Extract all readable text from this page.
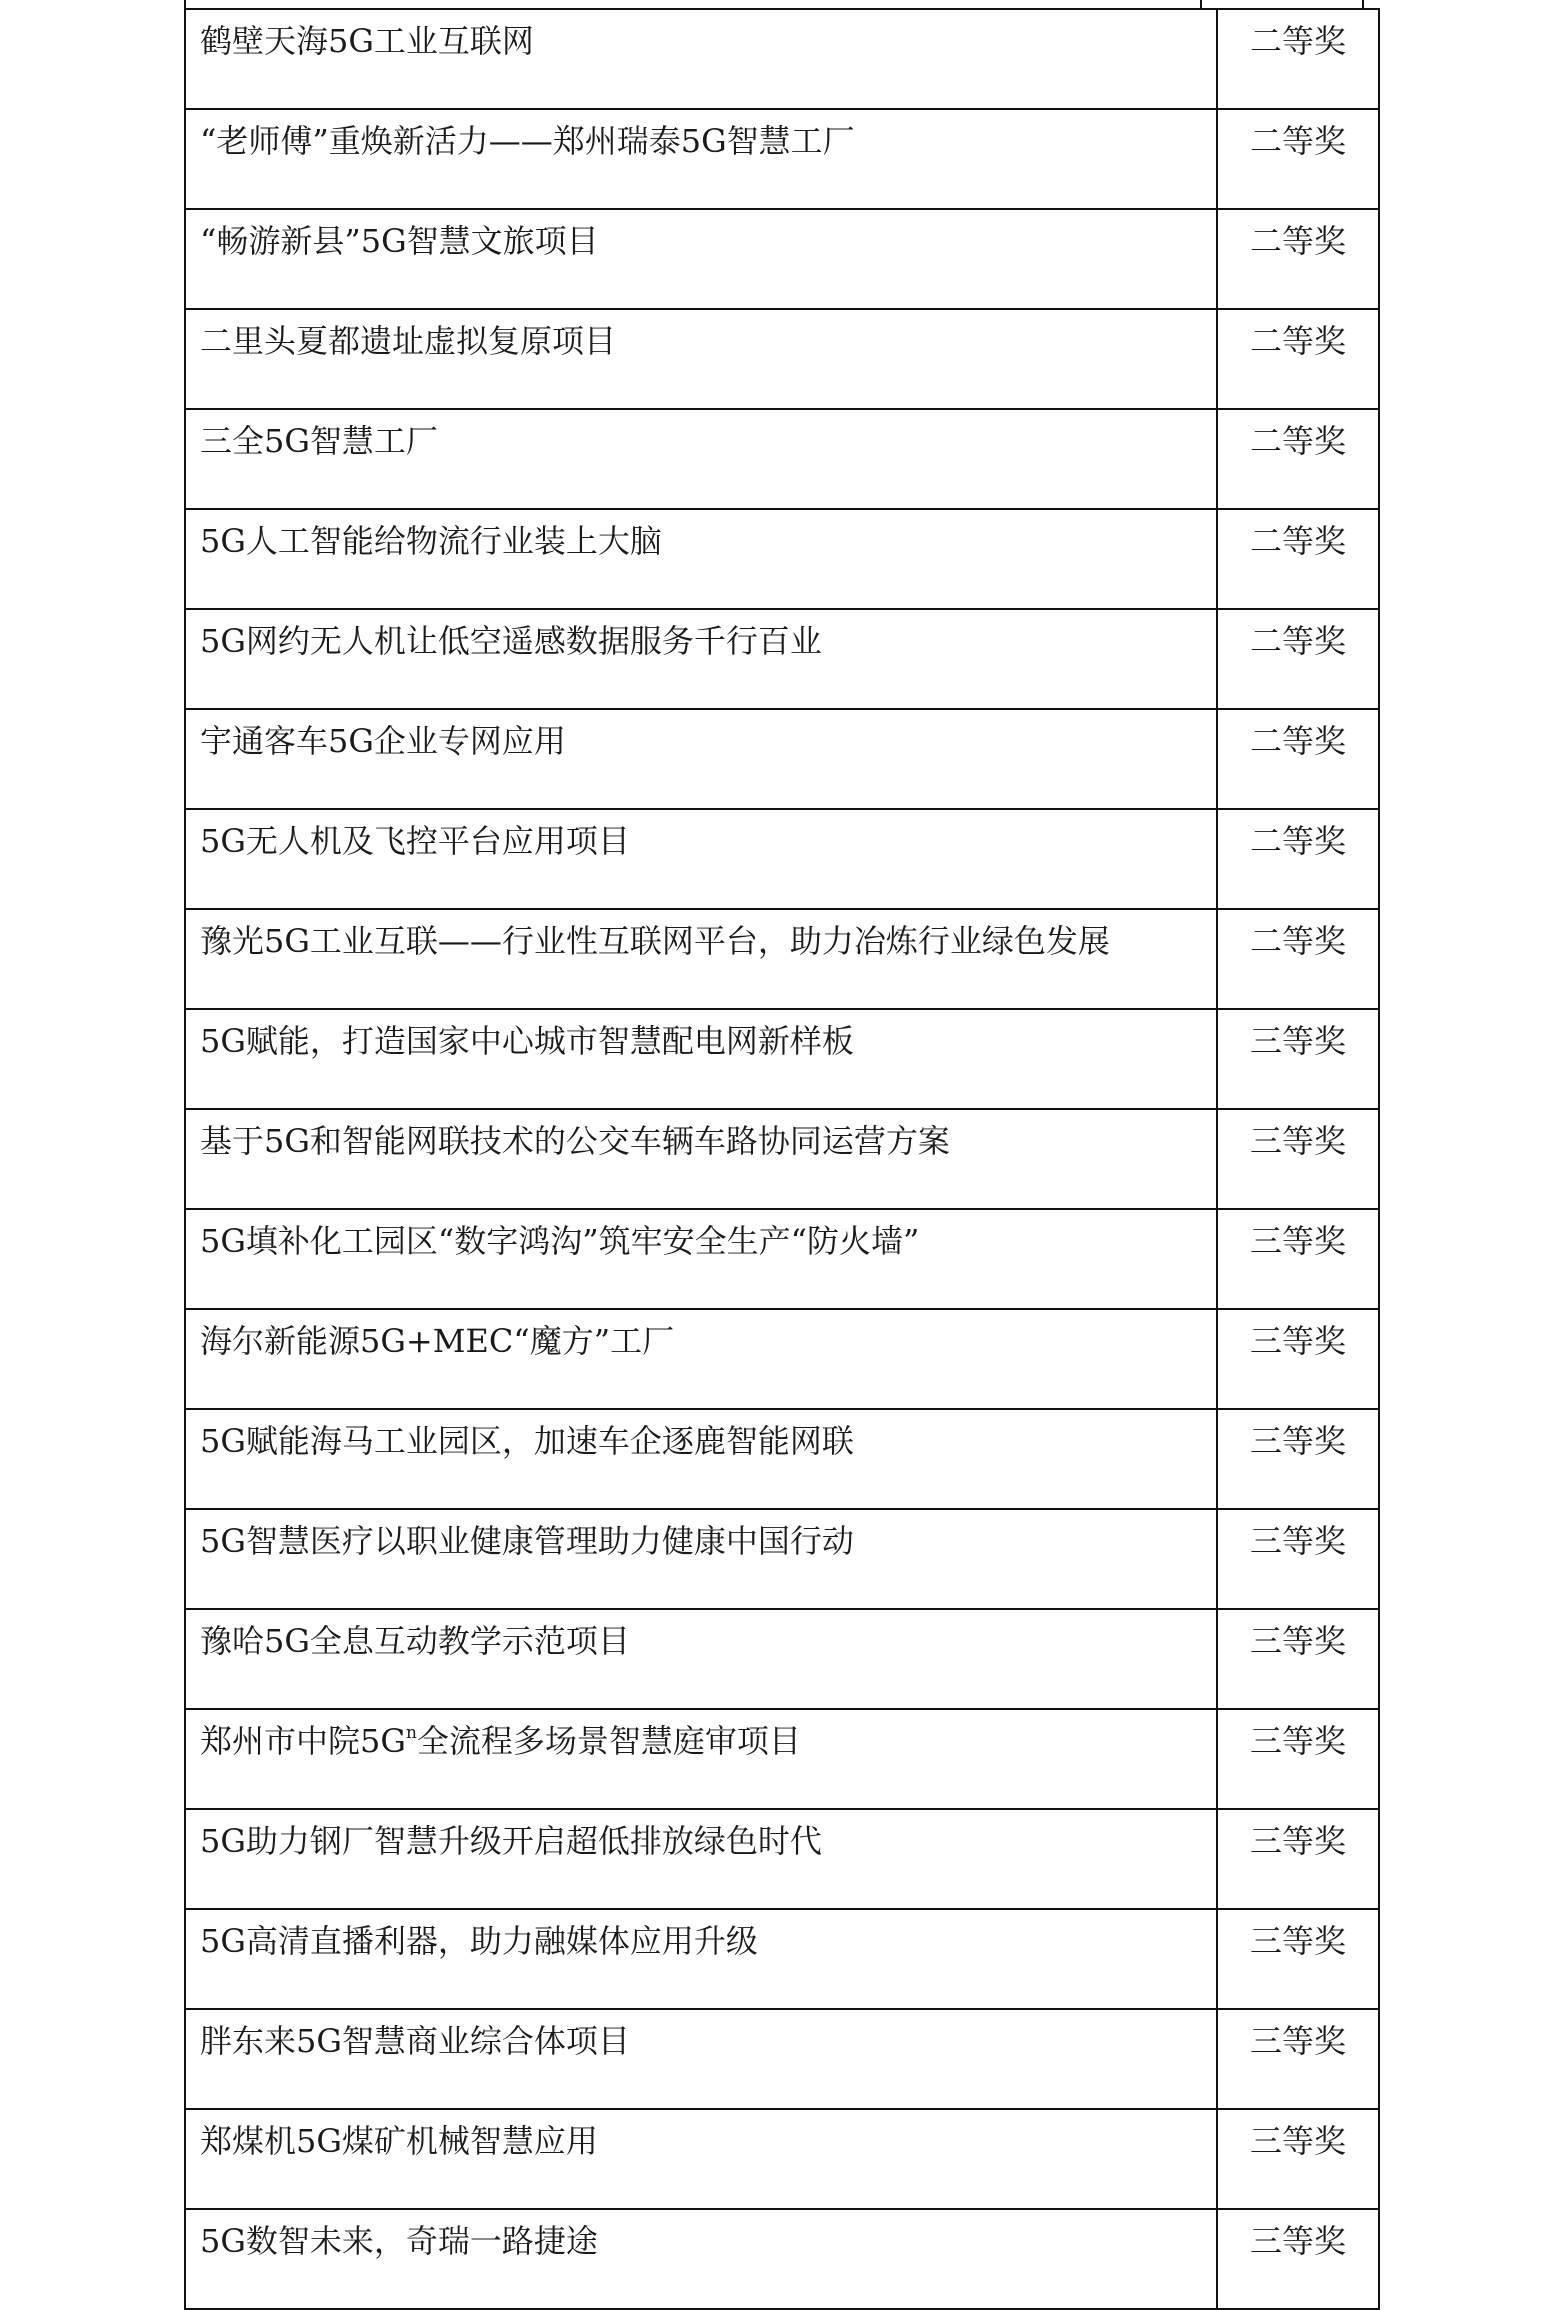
鹤壁天海5G工业互联网	二等奖
“老师傅”重焕新活力——郑州瑞泰5G智慧工厂	二等奖
“畅游新县”5G智慧文旅项目	二等奖
二里头夏都遗址虚拟复原项目	二等奖
三全5G智慧工厂	二等奖
5G人工智能给物流行业装上大脑	二等奖
5G网约无人机让低空遥感数据服务千行百业	二等奖
宇通客车5G企业专网应用	二等奖
5G无人机及飞控平台应用项目	二等奖
豫光5G工业互联——行业性互联网平台，助力冶炼行业绿色发展	二等奖
5G赋能，打造国家中心城市智慧配电网新样板	三等奖
基于5G和智能网联技术的公交车辆车路协同运营方案	三等奖
5G填补化工园区“数字鸿沟”筑牢安全生产“防火墙”	三等奖
海尔新能源5G+MEC“魔方”工厂	三等奖
5G赋能海马工业园区，加速车企逐鹿智能网联	三等奖
5G智慧医疗以职业健康管理助力健康中国行动	三等奖
豫哈5G全息互动教学示范项目	三等奖
郑州市中院$5G^n$全流程多场景智慧庭审项目	三等奖
5G助力钢厂智慧升级开启超低排放绿色时代	三等奖
5G高清直播利器，助力融媒体应用升级	三等奖
胖东来5G智慧商业综合体项目	三等奖
郑煤机5G煤矿机械智慧应用	三等奖
5G数智未来，奇瑞一路捷途	三等奖
